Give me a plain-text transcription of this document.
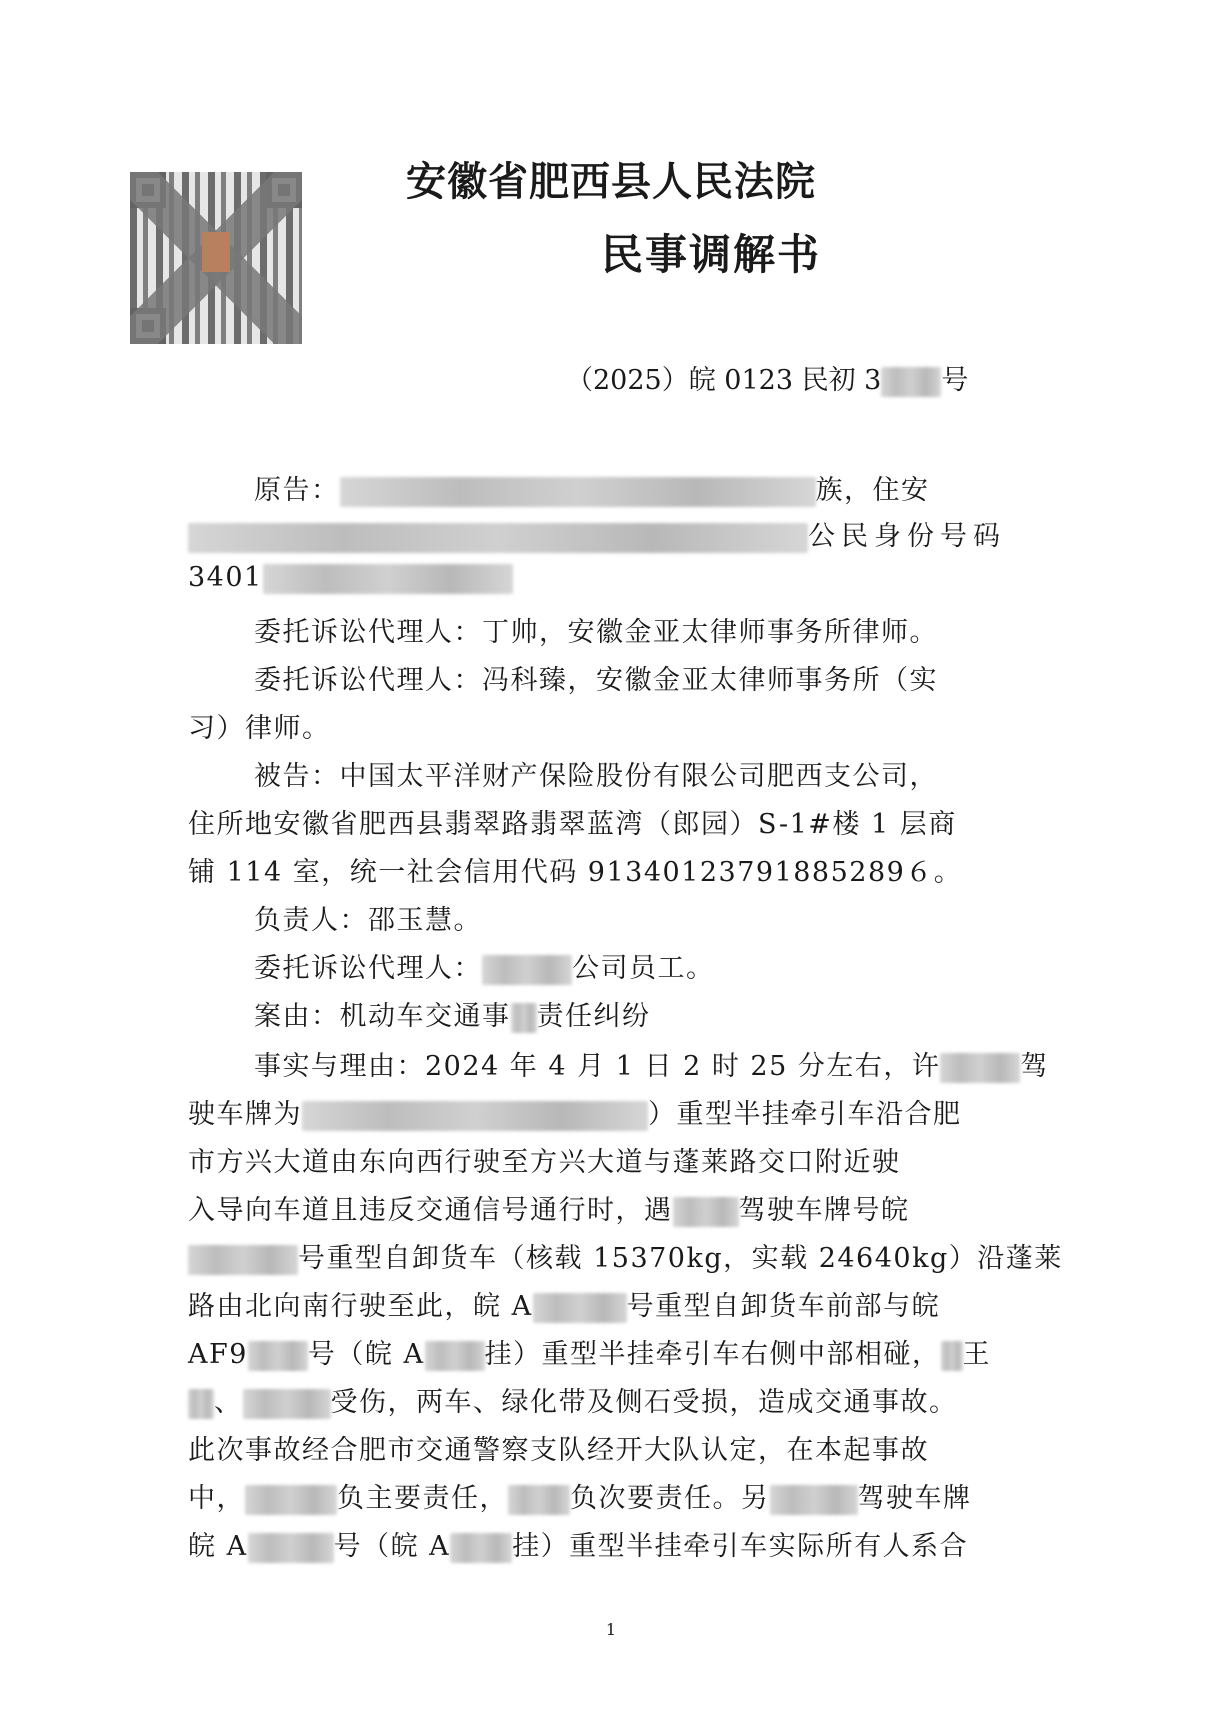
安徽省肥西县人民法院
民事调解书
（2025）皖 0123 民初 3 号
原告：	族，住安
公民身份号码
3401
委托诉讼代理人：丁帅，安徽金亚太律师事务所律师。
委托诉讼代理人：冯科臻，安徽金亚太律师事务所（实
习）律师。
被告：中国太平洋财产保险股份有限公司肥西支公司，
住所地安徽省肥西县翡翠路翡翠蓝湾（郎园）S-1#楼 1 层商
铺 114 室，统一社会信用代码 91340123791885289６。
负责人：邵玉慧。
委托诉讼代理人：	公司员工。
案由：机动车交通事 责任纠纷
事实与理由：2024 年 4 月 1 日 2 时 25 分左右，许	驾
驶车牌为	）重型半挂牵引车沿合肥
市方兴大道由东向西行驶至方兴大道与蓬莱路交口附近驶
入导向车道且违反交通信号通行时，遇 驾驶车牌号皖
号重型自卸货车（核载 15370kg，实载 24640kg）沿蓬莱
路由北向南行驶至此，皖 A	号重型自卸货车前部与皖
AF9 号（皖 A 挂）重型半挂牵引车右侧中部相碰， 王
、	受伤，两车、绿化带及侧石受损，造成交通事故。
此次事故经合肥市交通警察支队经开大队认定，在本起事故
中，	负主要责任， 负次要责任。另	驾驶车牌
皖 A	号（皖 A 挂）重型半挂牵引车实际所有人系合
1
